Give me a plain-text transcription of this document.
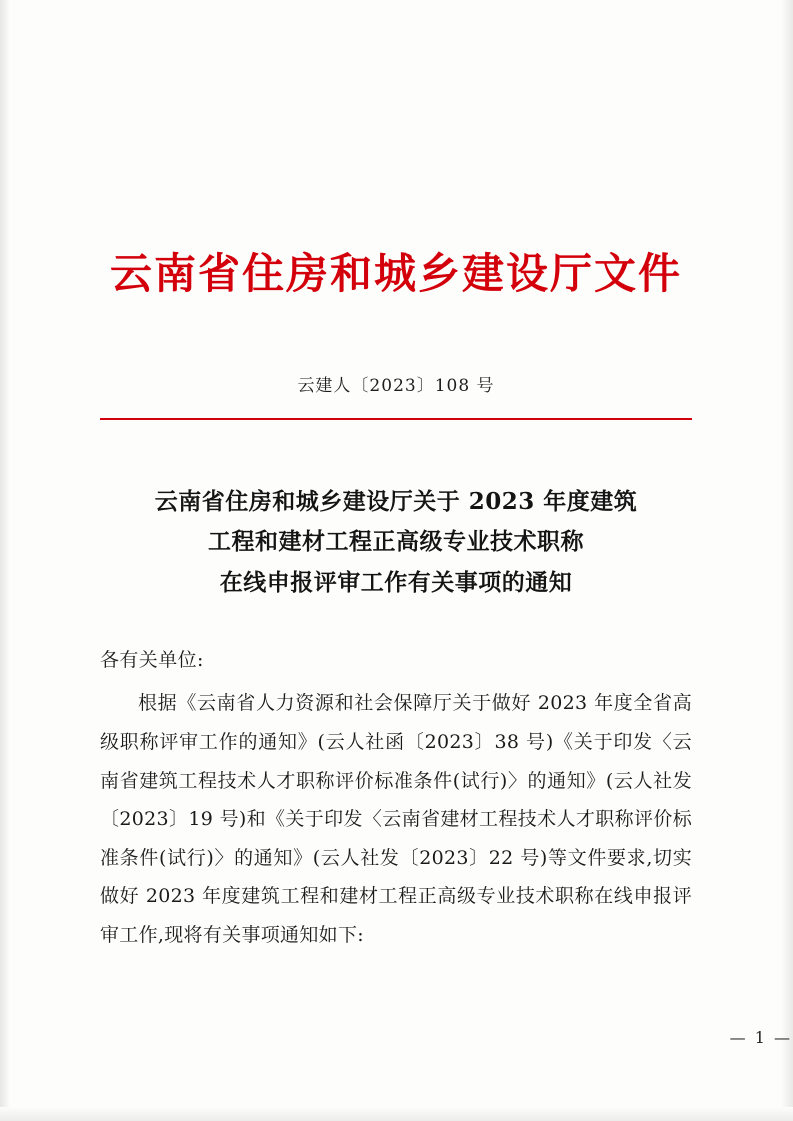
云南省住房和城乡建设厅文件
云建人〔2023〕108 号
云南省住房和城乡建设厅关于 2023 年度建筑
工程和建材工程正高级专业技术职称
在线申报评审工作有关事项的通知
各有关单位:
根据《云南省人力资源和社会保障厅关于做好 2023 年度全省高级职称评审工作的通知》(云人社函〔2023〕38 号)《关于印发〈云南省建筑工程技术人才职称评价标准条件(试行)〉的通知》(云人社发〔2023〕19 号)和《关于印发〈云南省建材工程技术人才职称评价标准条件(试行)〉的通知》(云人社发〔2023〕22 号)等文件要求,切实做好 2023 年度建筑工程和建材工程正高级专业技术职称在线申报评审工作,现将有关事项通知如下:
— 1 —
